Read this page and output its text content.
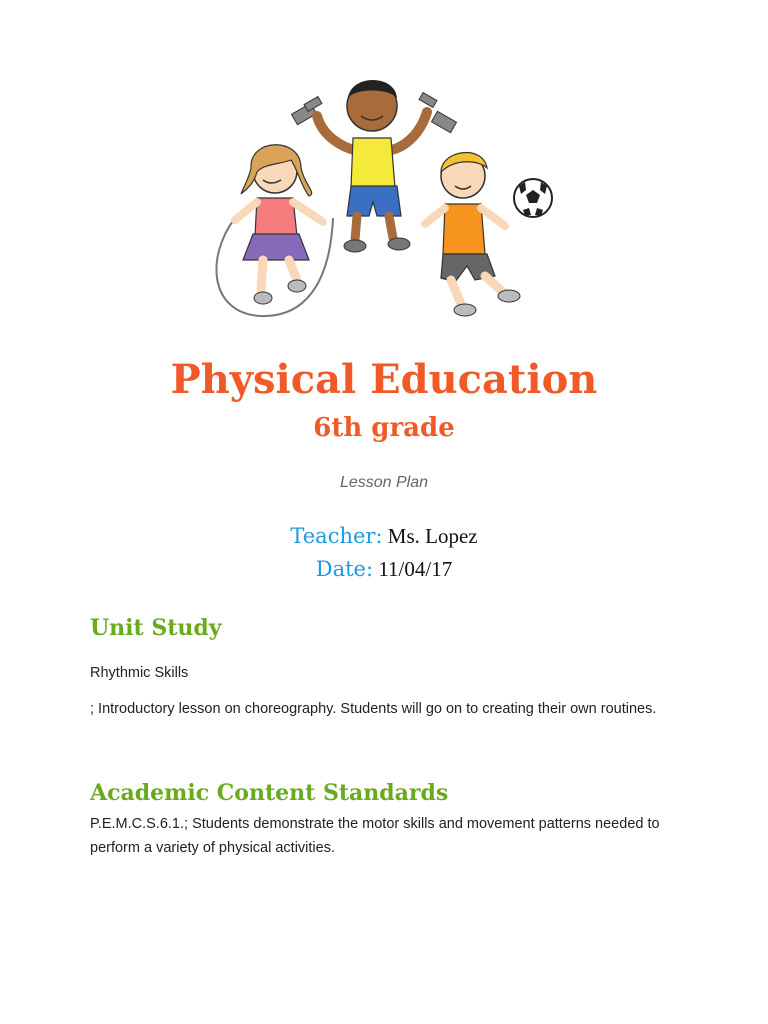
Physical Education
6th grade
Lesson Plan
Teacher: Ms. Lopez
Date: 11/04/17
Unit Study

Rhythmic Skills

; Introductory lesson on choreography. Students will go on to creating their own routines.

Academic Content Standards

P.E.M.C.S.6.1.; Students demonstrate the motor skills and movement patterns needed to perform a variety of physical activities.
